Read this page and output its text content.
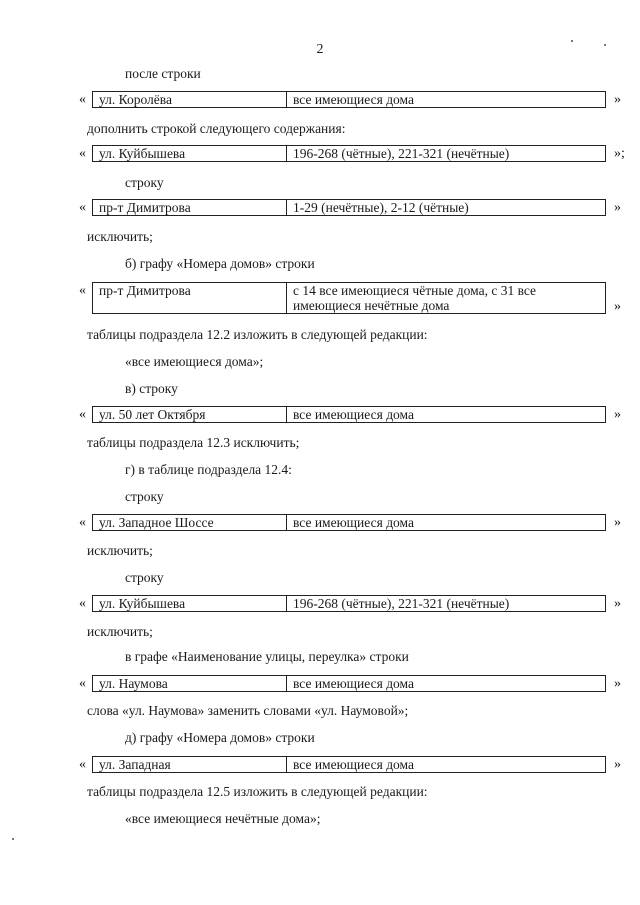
2
после строки
« ул. Королёва	все имеющиеся дома	»
дополнить строкой следующего содержания:
« ул. Куйбышева	196-268 (чётные), 221-321 (нечётные)	»;
строку
« пр-т Димитрова	1-29 (нечётные), 2-12 (чётные)	»
исключить;
б) графу «Номера домов» строки
« пр-т Димитрова	с 14 все имеющиеся чётные дома, с 31 все
имеющиеся нечётные дома	»
таблицы подраздела 12.2 изложить в следующей редакции:
«все имеющиеся дома»;
в) строку
« ул. 50 лет Октября	все имеющиеся дома	»
таблицы подраздела 12.3 исключить;
г) в таблице подраздела 12.4:
строку
« ул. Западное Шоссе	все имеющиеся дома	»
исключить;
строку
« ул. Куйбышева	196-268 (чётные), 221-321 (нечётные)	»
исключить;
в графе «Наименование улицы, переулка» строки
« ул. Наумова	все имеющиеся дома	»
слова «ул. Наумова» заменить словами «ул. Наумовой»;
д) графу «Номера домов» строки
« ул. Западная	все имеющиеся дома	»
таблицы подраздела 12.5 изложить в следующей редакции:
«все имеющиеся нечётные дома»;
